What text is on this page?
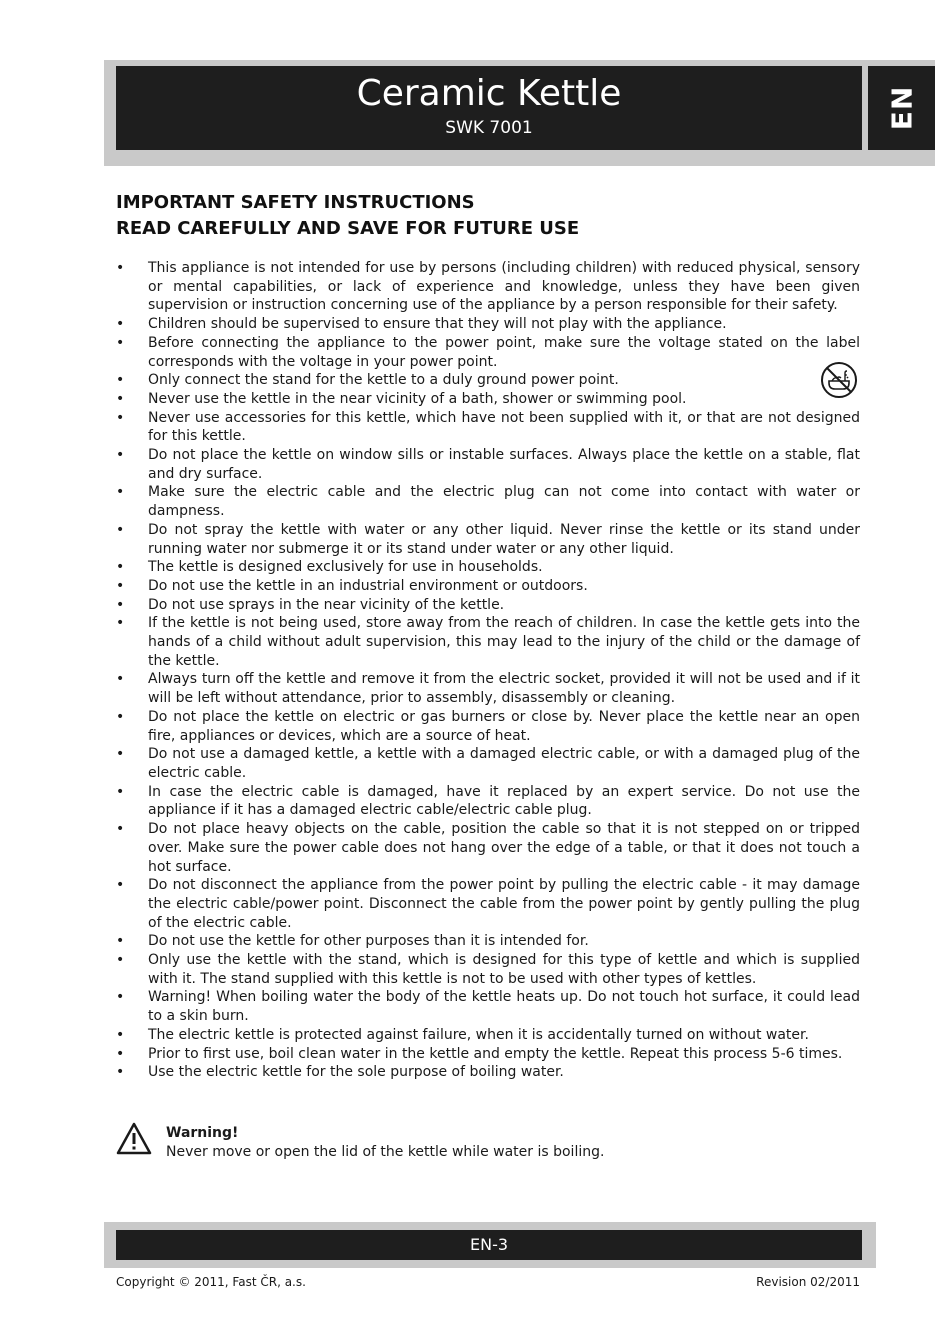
Ceramic Kettle
SWK 7001	EN
IMPORTANT SAFETY INSTRUCTIONS
READ CAREFULLY AND SAVE FOR FUTURE USE
• This appliance is not intended for use by persons (including children) with reduced physical, sensory or mental capabilities, or lack of experience and knowledge, unless they have been given supervision or instruction concerning use of the appliance by a person responsible for their safety.
• Children should be supervised to ensure that they will not play with the appliance.
• Before connecting the appliance to the power point, make sure the voltage stated on the label corresponds with the voltage in your power point.
• Only connect the stand for the kettle to a duly ground power point.
• Never use the kettle in the near vicinity of a bath, shower or swimming pool.
• Never use accessories for this kettle, which have not been supplied with it, or that are not designed for this kettle.
• Do not place the kettle on window sills or instable surfaces. Always place the kettle on a stable, flat and dry surface.
• Make sure the electric cable and the electric plug can not come into contact with water or dampness.
• Do not spray the kettle with water or any other liquid. Never rinse the kettle or its stand under running water nor submerge it or its stand under water or any other liquid.
• The kettle is designed exclusively for use in households.
• Do not use the kettle in an industrial environment or outdoors.
• Do not use sprays in the near vicinity of the kettle.
• If the kettle is not being used, store away from the reach of children. In case the kettle gets into the hands of a child without adult supervision, this may lead to the injury of the child or the damage of the kettle.
• Always turn off the kettle and remove it from the electric socket, provided it will not be used and if it will be left without attendance, prior to assembly, disassembly or cleaning.
• Do not place the kettle on electric or gas burners or close by. Never place the kettle near an open fire, appliances or devices, which are a source of heat.
• Do not use a damaged kettle, a kettle with a damaged electric cable, or with a damaged plug of the electric cable.
• In case the electric cable is damaged, have it replaced by an expert service. Do not use the appliance if it has a damaged electric cable/electric cable plug.
• Do not place heavy objects on the cable, position the cable so that it is not stepped on or tripped over. Make sure the power cable does not hang over the edge of a table, or that it does not touch a hot surface.
• Do not disconnect the appliance from the power point by pulling the electric cable - it may damage the electric cable/power point. Disconnect the cable from the power point by gently pulling the plug of the electric cable.
• Do not use the kettle for other purposes than it is intended for.
• Only use the kettle with the stand, which is designed for this type of kettle and which is supplied with it. The stand supplied with this kettle is not to be used with other types of kettles.
• Warning! When boiling water the body of the kettle heats up. Do not touch hot surface, it could lead to a skin burn.
• The electric kettle is protected against failure, when it is accidentally turned on without water.
• Prior to first use, boil clean water in the kettle and empty the kettle. Repeat this process 5-6 times.
• Use the electric kettle for the sole purpose of boiling water.
Warning!
Never move or open the lid of the kettle while water is boiling.
EN-3
Copyright © 2011, Fast ČR, a.s.	Revision 02/2011
